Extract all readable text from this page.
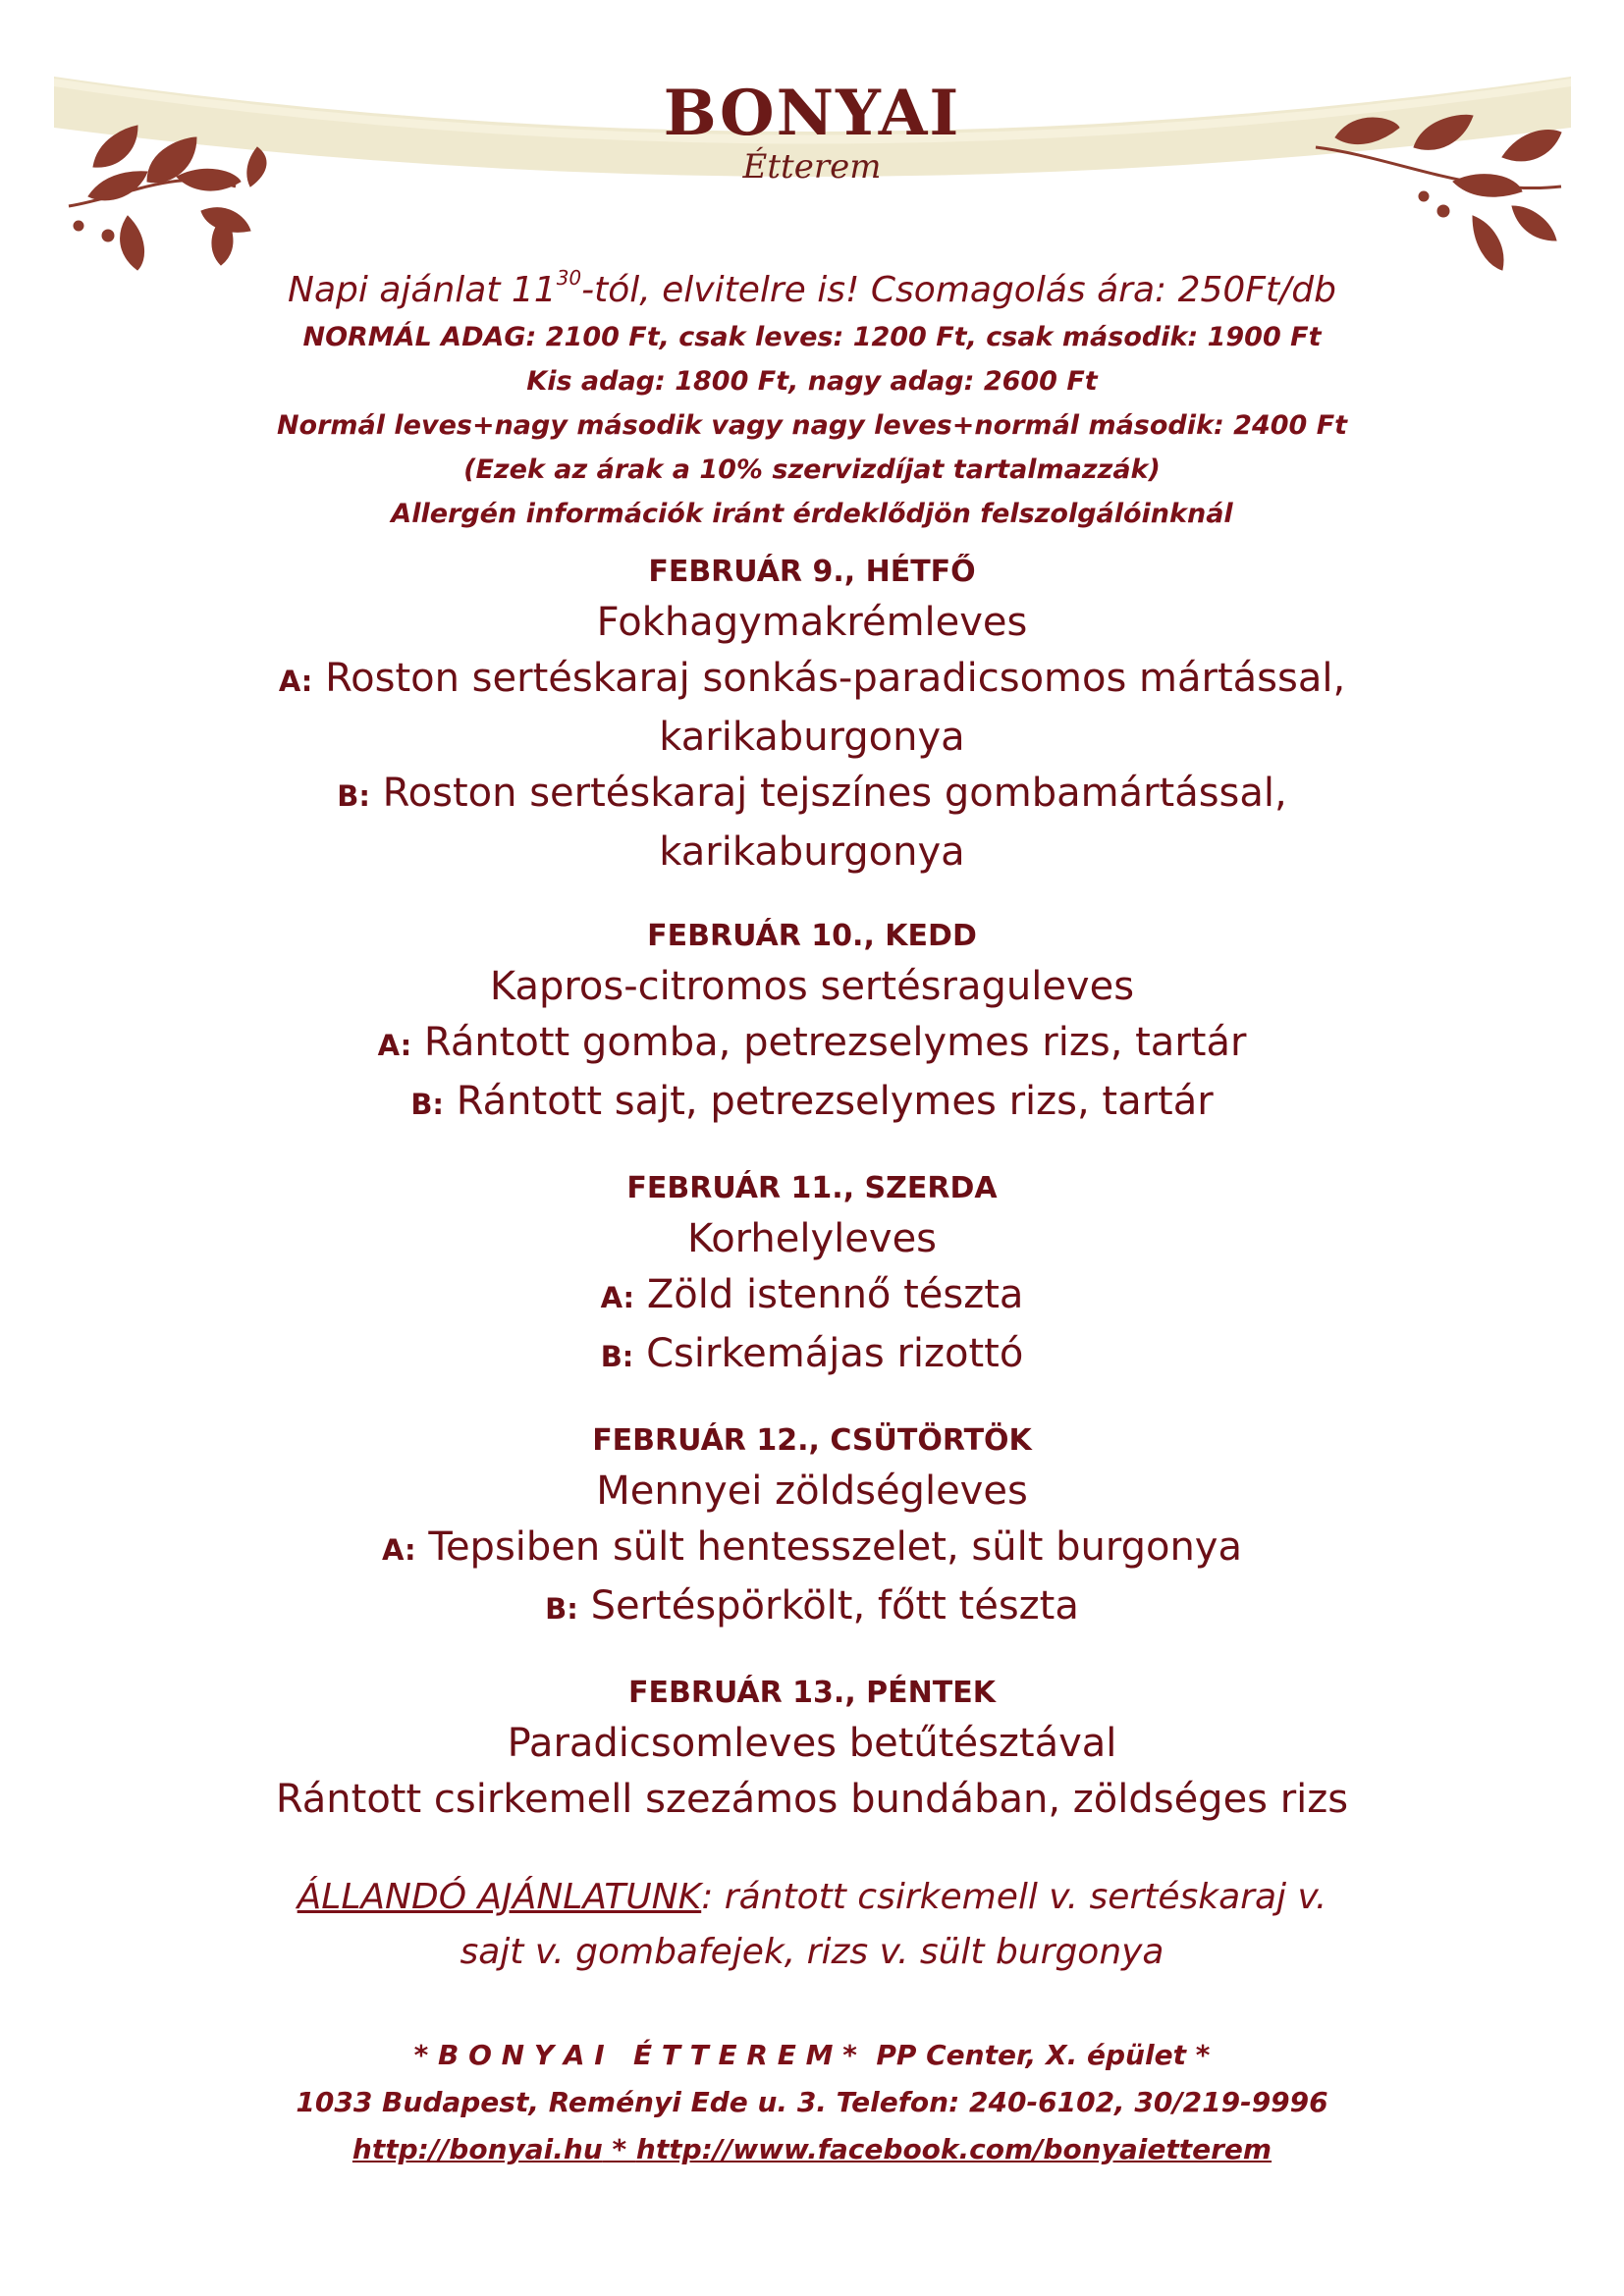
BONYAI
Étterem
Napi ajánlat $11^{30}$-tól, elvitelre is! Csomagolás ára: 250Ft/db
NORMÁL ADAG: 2100 Ft, csak leves: 1200 Ft, csak második: 1900 Ft
Kis adag: 1800 Ft, nagy adag: 2600 Ft
Normál leves+nagy második vagy nagy leves+normál második: 2400 Ft
(Ezek az árak a 10% szervizdíjat tartalmazzák)
Allergén információk iránt érdeklődjön felszolgálóinknál
FEBRUÁR 9., HÉTFŐ
Fokhagymakrémleves
A: Roston sertéskaraj sonkás-paradicsomos mártással,
karikaburgonya
B: Roston sertéskaraj tejszínes gombamártással,
karikaburgonya
FEBRUÁR 10., KEDD
Kapros-citromos sertésraguleves
A: Rántott gomba, petrezselymes rizs, tartár
B: Rántott sajt, petrezselymes rizs, tartár
FEBRUÁR 11., SZERDA
Korhelyleves
A: Zöld istennő tészta
B: Csirkemájas rizottó
FEBRUÁR 12., CSÜTÖRTÖK
Mennyei zöldségleves
A: Tepsiben sült hentesszelet, sült burgonya
B: Sertéspörkölt, főtt tészta
FEBRUÁR 13., PÉNTEK
Paradicsomleves betűtésztával
Rántott csirkemell szezámos bundában, zöldséges rizs
ÁLLANDÓ AJÁNLATUNK: rántott csirkemell v. sertéskaraj v.
sajt v. gombafejek, rizs v. sült burgonya
* B O N Y A I   É T T E R E M *  PP Center, X. épület *
1033 Budapest, Reményi Ede u. 3. Telefon: 240-6102, 30/219-9996
http://bonyai.hu * http://www.facebook.com/bonyaietterem
